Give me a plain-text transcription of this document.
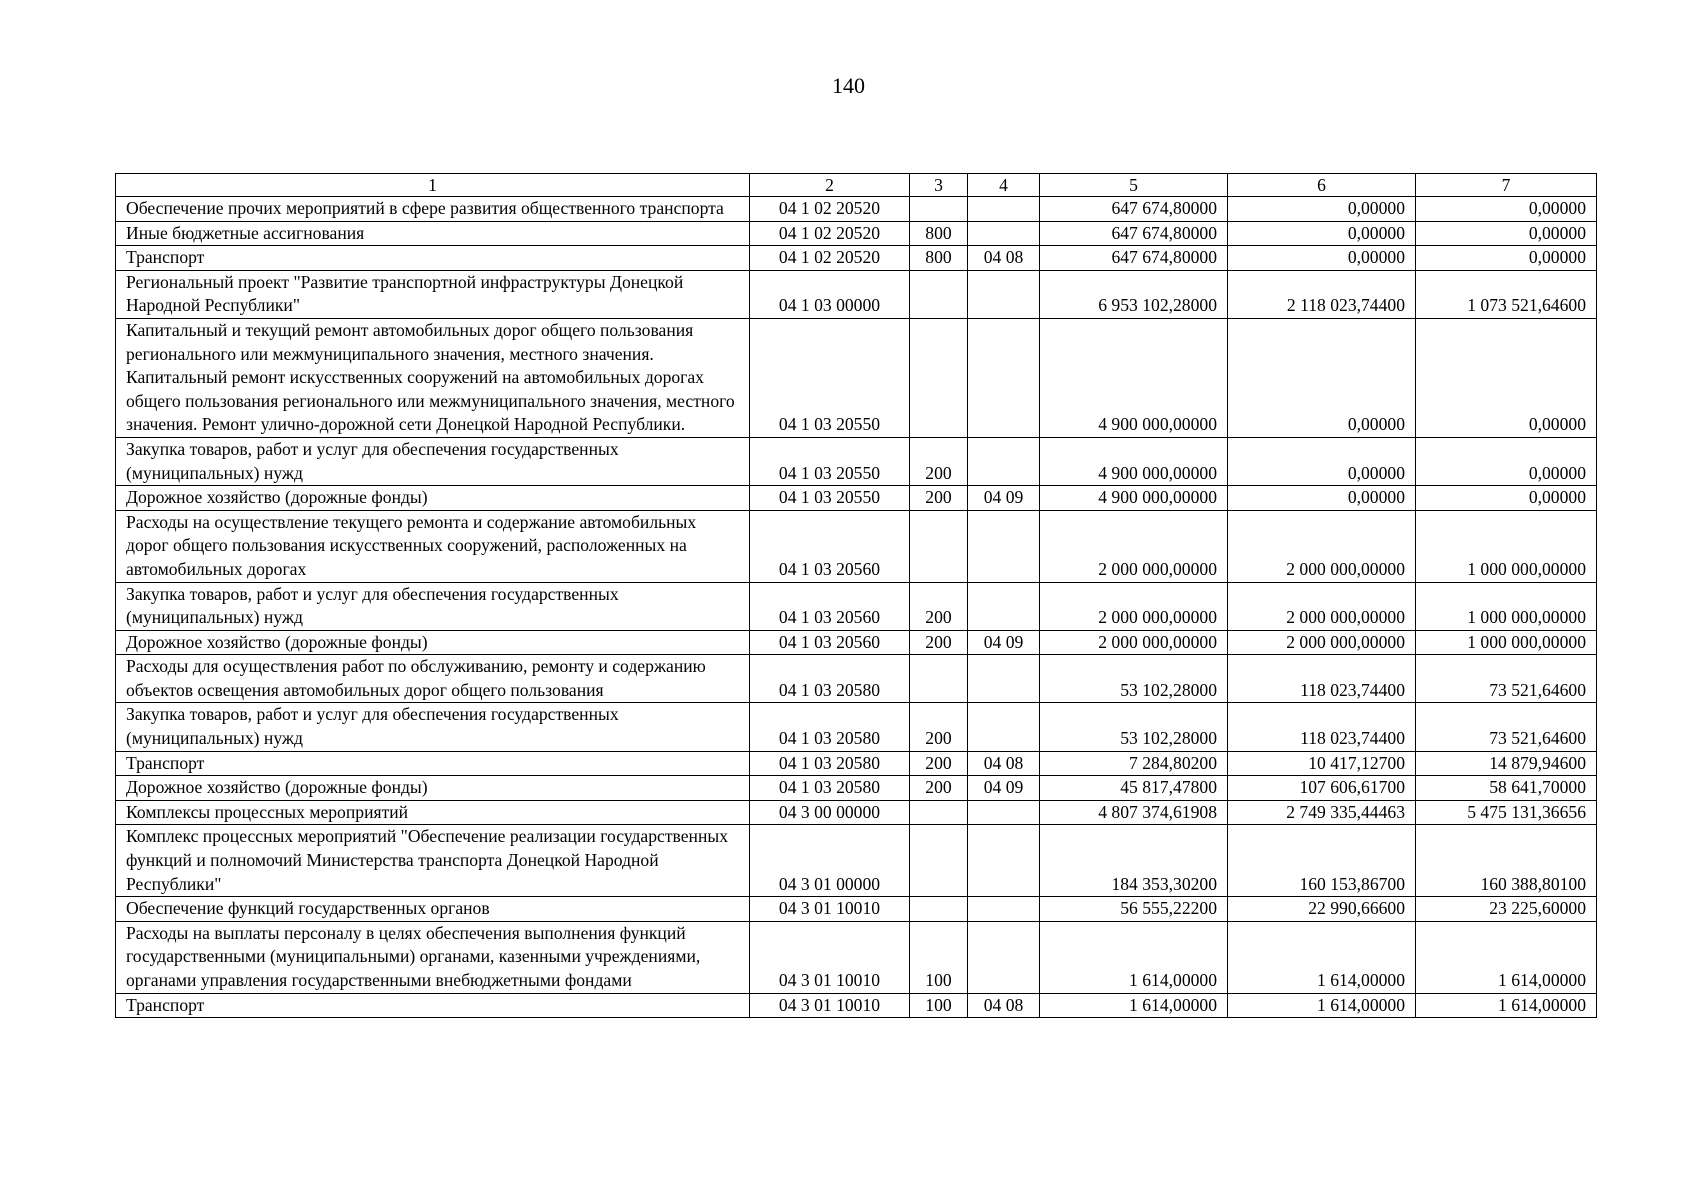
140
1	2	3	4	5	6	7
Обеспечение прочих мероприятий в сфере развития общественного транспорта	04 1 02 20520			647 674,80000	0,00000	0,00000
Иные бюджетные ассигнования	04 1 02 20520	800		647 674,80000	0,00000	0,00000
Транспорт	04 1 02 20520	800	04 08	647 674,80000	0,00000	0,00000
Региональный проект "Развитие транспортной инфраструктуры Донецкой Народной Республики"	04 1 03 00000			6 953 102,28000	2 118 023,74400	1 073 521,64600
Капитальный и текущий ремонт автомобильных дорог общего пользования регионального или межмуниципального значения, местного значения. Капитальный ремонт искусственных сооружений на автомобильных дорогах общего пользования регионального или межмуниципального значения, местного значения. Ремонт улично-дорожной сети Донецкой Народной Республики.	04 1 03 20550			4 900 000,00000	0,00000	0,00000
Закупка товаров, работ и услуг для обеспечения государственных (муниципальных) нужд	04 1 03 20550	200		4 900 000,00000	0,00000	0,00000
Дорожное хозяйство (дорожные фонды)	04 1 03 20550	200	04 09	4 900 000,00000	0,00000	0,00000
Расходы на осуществление текущего ремонта и содержание автомобильных дорог общего пользования искусственных сооружений, расположенных на автомобильных дорогах	04 1 03 20560			2 000 000,00000	2 000 000,00000	1 000 000,00000
Закупка товаров, работ и услуг для обеспечения государственных (муниципальных) нужд	04 1 03 20560	200		2 000 000,00000	2 000 000,00000	1 000 000,00000
Дорожное хозяйство (дорожные фонды)	04 1 03 20560	200	04 09	2 000 000,00000	2 000 000,00000	1 000 000,00000
Расходы для осуществления работ по обслуживанию, ремонту и содержанию объектов освещения автомобильных дорог общего пользования	04 1 03 20580			53 102,28000	118 023,74400	73 521,64600
Закупка товаров, работ и услуг для обеспечения государственных (муниципальных) нужд	04 1 03 20580	200		53 102,28000	118 023,74400	73 521,64600
Транспорт	04 1 03 20580	200	04 08	7 284,80200	10 417,12700	14 879,94600
Дорожное хозяйство (дорожные фонды)	04 1 03 20580	200	04 09	45 817,47800	107 606,61700	58 641,70000
Комплексы процессных мероприятий	04 3 00 00000			4 807 374,61908	2 749 335,44463	5 475 131,36656
Комплекс процессных мероприятий "Обеспечение реализации государственных функций и полномочий Министерства транспорта Донецкой Народной Республики"	04 3 01 00000			184 353,30200	160 153,86700	160 388,80100
Обеспечение функций государственных органов	04 3 01 10010			56 555,22200	22 990,66600	23 225,60000
Расходы на выплаты персоналу в целях обеспечения выполнения функций государственными (муниципальными) органами, казенными учреждениями, органами управления государственными внебюджетными фондами	04 3 01 10010	100		1 614,00000	1 614,00000	1 614,00000
Транспорт	04 3 01 10010	100	04 08	1 614,00000	1 614,00000	1 614,00000
